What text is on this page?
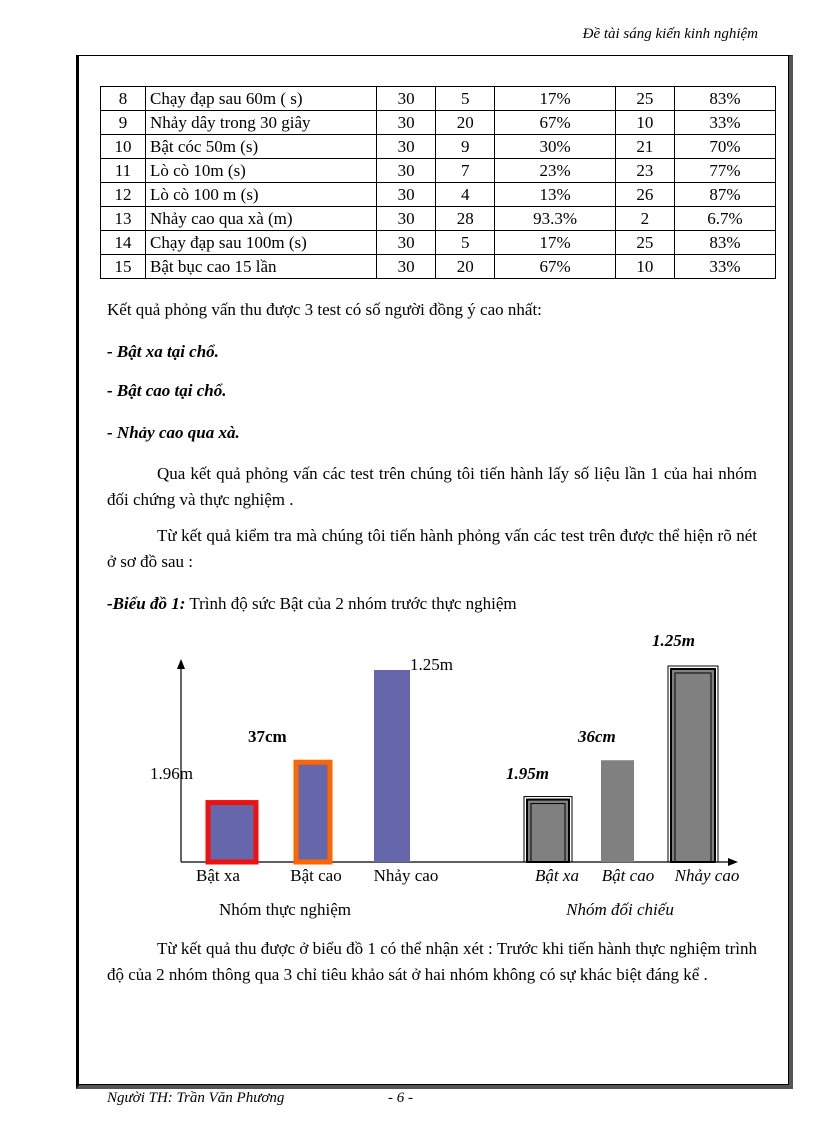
Đề tài sáng kiến kinh nghiệm
8	Chạy đạp sau 60m ( s)	30	5	17%	25	83%
9	Nhảy dây trong 30 giây	30	20	67%	10	33%
10	Bật cóc 50m (s)	30	9	30%	21	70%
11	Lò cò 10m (s)	30	7	23%	23	77%
12	Lò cò 100 m (s)	30	4	13%	26	87%
13	Nhảy cao qua xà (m)	30	28	93.3%	2	6.7%
14	Chạy đạp sau 100m (s)	30	5	17%	25	83%
15	Bật bục cao 15 lần	30	20	67%	10	33%
Kết quả phỏng vấn thu được 3 test có số người đồng ý cao nhất:
- Bật xa tại chổ.
- Bật cao tại chổ.
- Nhảy cao qua xà.
Qua kết quả phỏng vấn các test trên chúng tôi tiến hành lấy số liệu lần 1 của hai nhóm đối chứng và thực nghiệm .
Từ kết quả kiểm tra mà chúng tôi tiến hành phỏng vấn các test trên được thể hiện rõ nét ở sơ đồ sau :
-Biểu đồ 1: Trình độ sức Bật của 2 nhóm trước thực nghiệm
1.96m
Bật xa
37cm
Bật cao
1.25m
Nhảy cao
Nhóm thực nghiệm
1.95m
Bật xa
36cm
Bật cao
1.25m
Nhảy cao
Nhóm đối chiếu
Từ kết quả thu được ở biểu đồ 1 có thể nhận xét : Trước khi tiến hành thực nghiệm trình độ của 2 nhóm thông qua 3 chỉ tiêu khảo sát ở hai nhóm không có sự khác biệt đáng kể .
Người TH: Trần Văn Phương	- 6 -
